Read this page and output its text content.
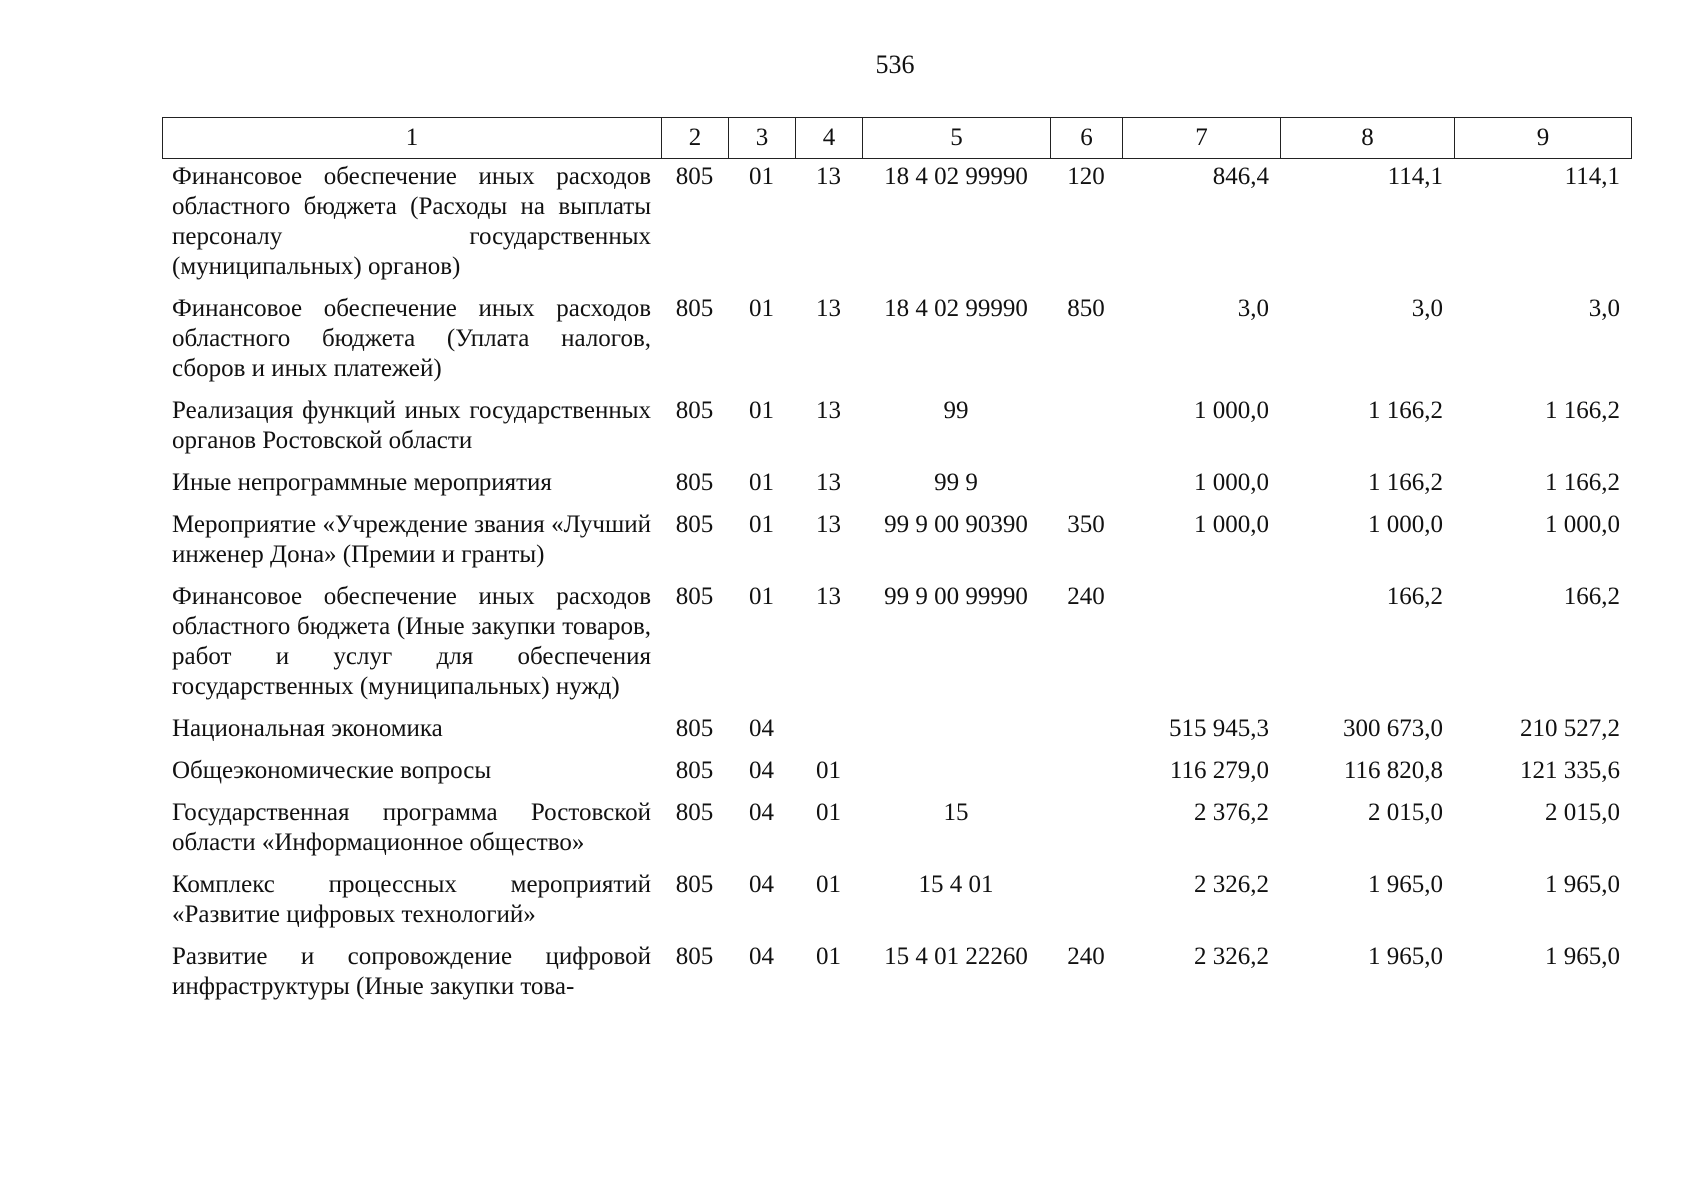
536
1	2	3	4	5	6	7	8	9
Финансовое обеспечение иных расходов областного бюджета (Расходы на выплаты персоналу государственных (муниципальных) органов)	805	01	13	18 4 02 99990	120	846,4	114,1	114,1
Финансовое обеспечение иных расходов областного бюджета (Уплата налогов, сборов и иных платежей)	805	01	13	18 4 02 99990	850	3,0	3,0	3,0
Реализация функций иных государственных органов Ростовской области	805	01	13	99		1 000,0	1 166,2	1 166,2
Иные непрограммные мероприятия	805	01	13	99 9		1 000,0	1 166,2	1 166,2
Мероприятие «Учреждение звания «Лучший инженер Дона» (Премии и гранты)	805	01	13	99 9 00 90390	350	1 000,0	1 000,0	1 000,0
Финансовое обеспечение иных расходов областного бюджета (Иные закупки товаров, работ и услуг для обеспечения государственных (муниципальных) нужд)	805	01	13	99 9 00 99990	240		166,2	166,2
Национальная экономика	805	04				515 945,3	300 673,0	210 527,2
Общеэкономические вопросы	805	04	01			116 279,0	116 820,8	121 335,6
Государственная программа Ростовской области «Информационное общество»	805	04	01	15		2 376,2	2 015,0	2 015,0
Комплекс процессных мероприятий «Развитие цифровых технологий»	805	04	01	15 4 01		2 326,2	1 965,0	1 965,0
Развитие и сопровождение цифровой инфраструктуры (Иные закупки това-	805	04	01	15 4 01 22260	240	2 326,2	1 965,0	1 965,0
